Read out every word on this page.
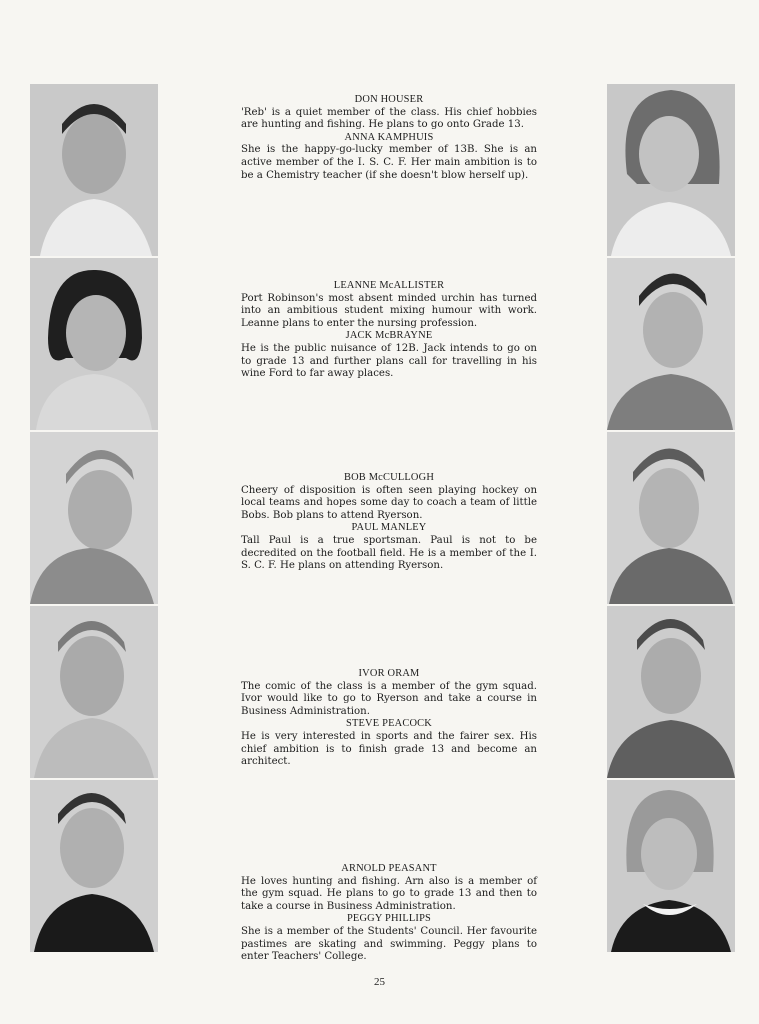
DON HOUSER

'Reb' is a quiet member of the class. His chief hobbies are hunting and fishing. He plans to go onto Grade 13.

ANNA KAMPHUIS

She is the happy-go-lucky member of 13B. She is an active member of the I. S. C. F. Her main ambition is to be a Chemistry teacher (if she doesn't blow herself up).

LEANNE McALLISTER

Port Robinson's most absent minded urchin has turned into an ambitious student mixing humour with work. Leanne plans to enter the nursing profession.

JACK McBRAYNE

He is the public nuisance of 12B. Jack intends to go on to grade 13 and further plans call for travelling in his wine Ford to far away places.

BOB McCULLOGH

Cheery of disposition is often seen playing hockey on local teams and hopes some day to coach a team of little Bobs. Bob plans to attend Ryerson.

PAUL MANLEY

Tall Paul is a true sportsman. Paul is not to be decredited on the football field. He is a member of the I. S. C. F. He plans on attending Ryerson.

IVOR ORAM

The comic of the class is a member of the gym squad. Ivor would like to go to Ryerson and take a course in Business Administration.

STEVE PEACOCK

He is very interested in sports and the fairer sex. His chief ambition is to finish grade 13 and become an architect.

ARNOLD PEASANT

He loves hunting and fishing. Arn also is a member of the gym squad. He plans to go to grade 13 and then to take a course in Business Administration.

PEGGY PHILLIPS

She is a member of the Students' Council. Her favourite pastimes are skating and swimming. Peggy plans to enter Teachers' College.

25
